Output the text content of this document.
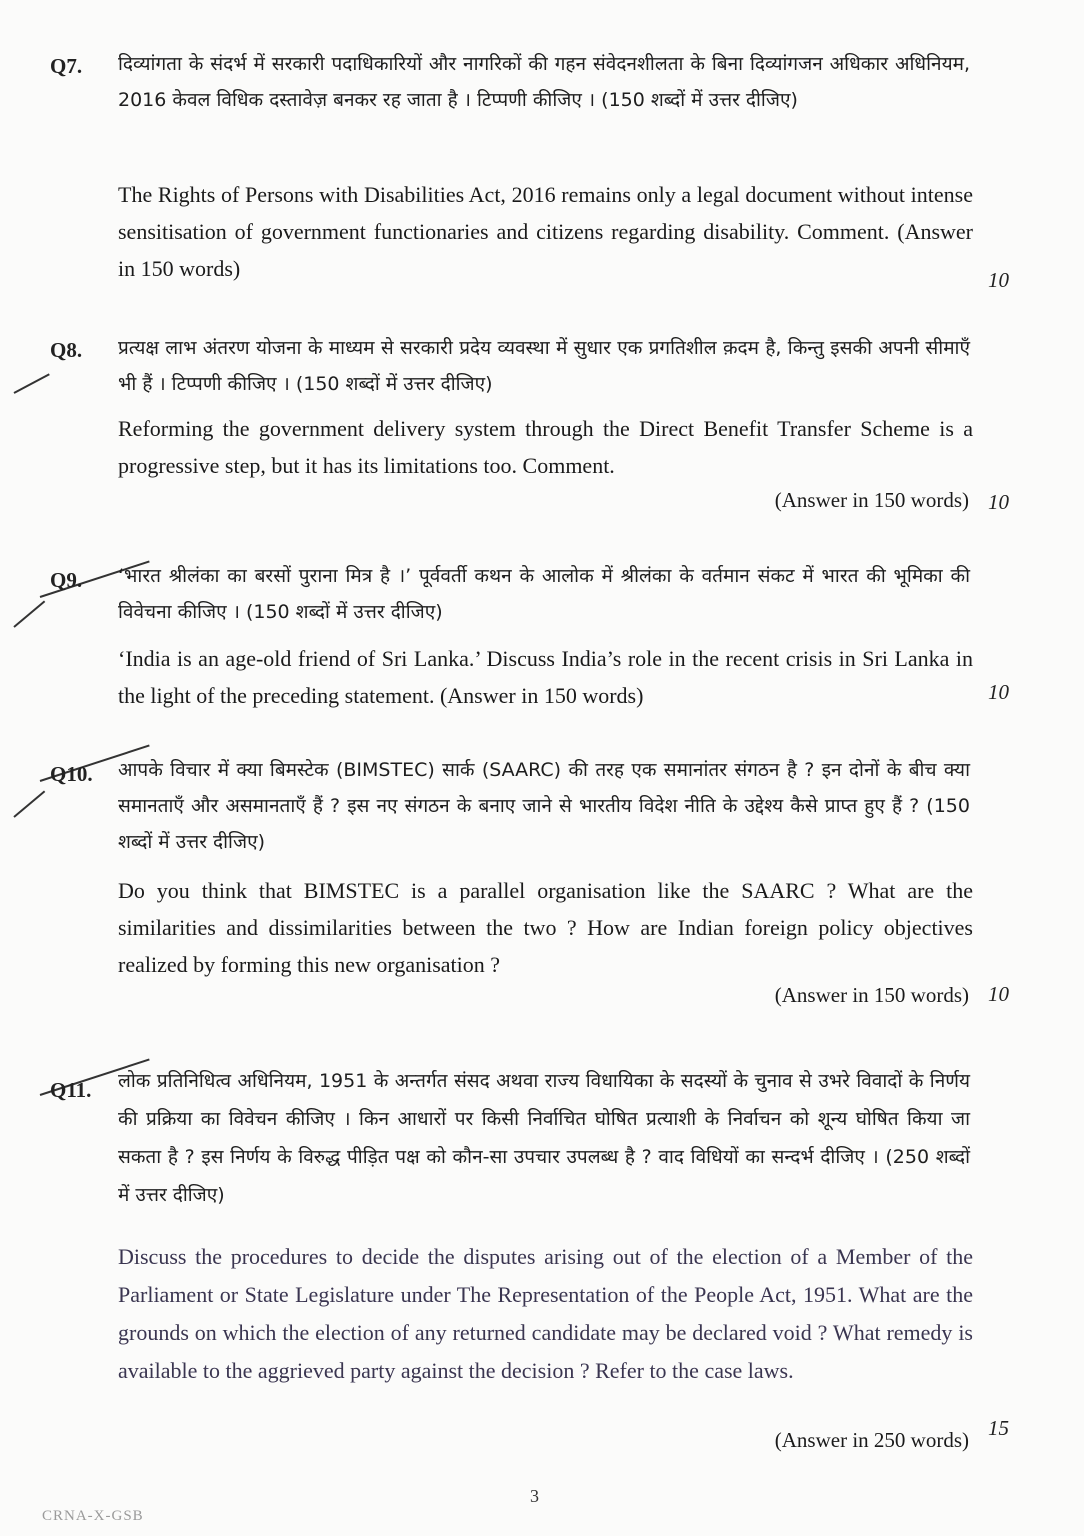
Q7. दिव्यांगता के संदर्भ में सरकारी पदाधिकारियों और नागरिकों की गहन संवेदनशीलता के बिना दिव्यांगजन अधिकार अधिनियम, 2016 केवल विधिक दस्तावेज़ बनकर रह जाता है । टिप्पणी कीजिए । (150 शब्दों में उत्तर दीजिए)
The Rights of Persons with Disabilities Act, 2016 remains only a legal document without intense sensitisation of government functionaries and citizens regarding disability. Comment. (Answer in 150 words)	10
Q8. प्रत्यक्ष लाभ अंतरण योजना के माध्यम से सरकारी प्रदेय व्यवस्था में सुधार एक प्रगतिशील क़दम है, किन्तु इसकी अपनी सीमाएँ भी हैं । टिप्पणी कीजिए । (150 शब्दों में उत्तर दीजिए)
Reforming the government delivery system through the Direct Benefit Transfer Scheme is a progressive step, but it has its limitations too. Comment.
(Answer in 150 words) 10
Q9. ‘भारत श्रीलंका का बरसों पुराना मित्र है ।’ पूर्ववर्ती कथन के आलोक में श्रीलंका के वर्तमान संकट में भारत की भूमिका की विवेचना कीजिए । (150 शब्दों में उत्तर दीजिए)
‘India is an age-old friend of Sri Lanka.’ Discuss India’s role in the recent crisis in Sri Lanka in the light of the preceding statement. (Answer in 150 words)	10
Q10. आपके विचार में क्या बिमस्टेक (BIMSTEC) सार्क (SAARC) की तरह एक समानांतर संगठन है ? इन दोनों के बीच क्या समानताएँ और असमानताएँ हैं ? इस नए संगठन के बनाए जाने से भारतीय विदेश नीति के उद्देश्य कैसे प्राप्त हुए हैं ? (150 शब्दों में उत्तर दीजिए)
Do you think that BIMSTEC is a parallel organisation like the SAARC ? What are the similarities and dissimilarities between the two ? How are Indian foreign policy objectives realized by forming this new organisation ?
(Answer in 150 words) 10
Q11. लोक प्रतिनिधित्व अधिनियम, 1951 के अन्तर्गत संसद अथवा राज्य विधायिका के सदस्यों के चुनाव से उभरे विवादों के निर्णय की प्रक्रिया का विवेचन कीजिए । किन आधारों पर किसी निर्वाचित घोषित प्रत्याशी के निर्वाचन को शून्य घोषित किया जा सकता है ? इस निर्णय के विरुद्ध पीड़ित पक्ष को कौन-सा उपचार उपलब्ध है ? वाद विधियों का सन्दर्भ दीजिए । (250 शब्दों में उत्तर दीजिए)
Discuss the procedures to decide the disputes arising out of the election of a Member of the Parliament or State Legislature under The Representation of the People Act, 1951. What are the grounds on which the election of any returned candidate may be declared void ? What remedy is available to the aggrieved party against the decision ? Refer to the case laws.
(Answer in 250 words) 15
3
CRNA-X-GSB
